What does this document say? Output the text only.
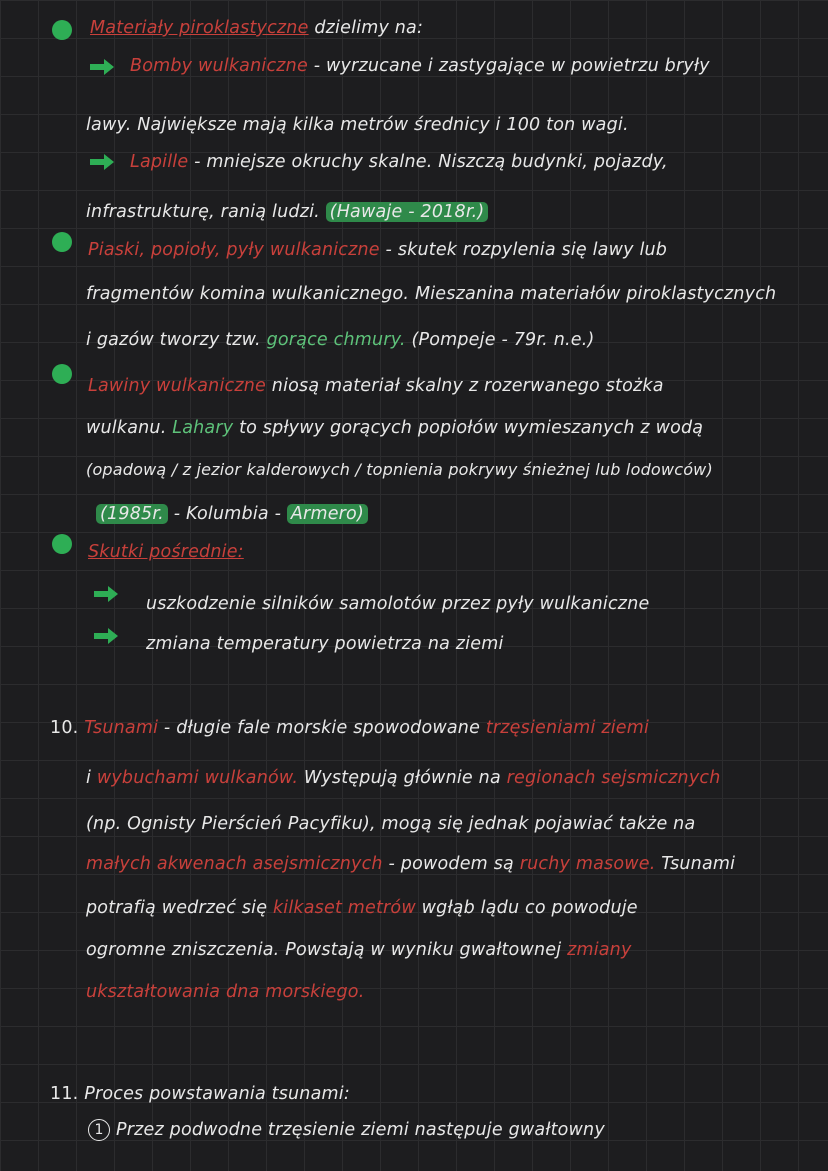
Materiały piroklastyczne dzielimy na:
Bomby wulkaniczne - wyrzucane i zastygające w powietrzu bryły
lawy. Największe mają kilka metrów średnicy i 100 ton wagi.
Lapille - mniejsze okruchy skalne. Niszczą budynki, pojazdy,
infrastrukturę, ranią ludzi. (Hawaje - 2018r.)
Piaski, popioły, pyły wulkaniczne - skutek rozpylenia się lawy lub
fragmentów komina wulkanicznego. Mieszanina materiałów piroklastycznych
i gazów tworzy tzw. gorące chmury. (Pompeje - 79r. n.e.)
Lawiny wulkaniczne niosą materiał skalny z rozerwanego stożka
wulkanu. Lahary to spływy gorących popiołów wymieszanych z wodą
(opadową / z jezior kalderowych / topnienia pokrywy śnieżnej lub lodowców)
(1985r. - Kolumbia - Armero)
Skutki pośrednie:
uszkodzenie silników samolotów przez pyły wulkaniczne
zmiana temperatury powietrza na ziemi
10. Tsunami - długie fale morskie spowodowane trzęsieniami ziemi
i wybuchami wulkanów. Występują głównie na regionach sejsmicznych
(np. Ognisty Pierścień Pacyfiku), mogą się jednak pojawiać także na
małych akwenach asejsmicznych - powodem są ruchy masowe. Tsunami
potrafią wedrzeć się kilkaset metrów wgłąb lądu co powoduje
ogromne zniszczenia. Powstają w wyniku gwałtownej zmiany
ukształtowania dna morskiego.
11. Proces powstawania tsunami:
1 Przez podwodne trzęsienie ziemi następuje gwałtowny
